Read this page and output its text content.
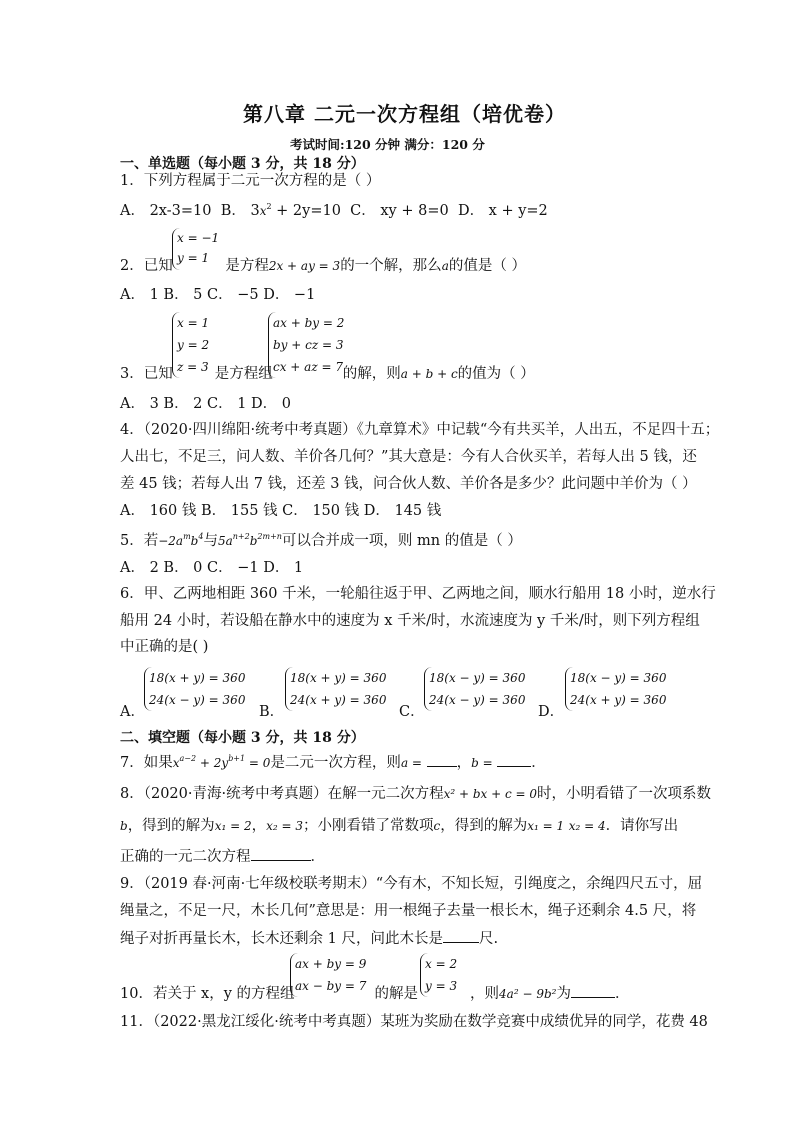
第八章 二元一次方程组（培优卷）
考试时间:120 分钟 满分：120 分
一、单选题（每小题 3 分，共 18 分）
1．下列方程属于二元一次方程的是（ ）
A． 2x-3=10 B． $3x^2 + 2y=10$ C． xy + 8=0 D． x + y=2
x = −1
y = 1
2．已知	是方程2x + ay = 3的一个解，那么a的值是（ ）
A． 1 B． 5 C． −5 D． −1
x = 1
y = 2
z = 3
ax + by = 2
by + cz = 3
cx + az = 7
3．已知	是方程组	的解，则a + b + c的值为（ ）
A． 3 B． 2 C． 1 D． 0
4．（2020·四川绵阳·统考中考真题）《九章算术》中记载“今有共买羊，人出五，不足四十五；
人出七，不足三，问人数、羊价各几何？”其大意是：今有人合伙买羊，若每人出 5 钱，还
差 45 钱；若每人出 7 钱，还差 3 钱，问合伙人数、羊价各是多少？此问题中羊价为（ ）
A． 160 钱 B． 155 钱 C． 150 钱 D． 145 钱
5．若$-2a^mb^4$与$5a^{n+2}b^{2m+n}$可以合并成一项，则 mn 的值是（ ）
A． 2 B． 0 C． −1 D． 1
6．甲、乙两地相距 360 千米，一轮船往返于甲、乙两地之间，顺水行船用 18 小时，逆水行
船用 24 小时，若设船在静水中的速度为 x 千米/时，水流速度为 y 千米/时，则下列方程组
中正确的是( )
A．
18(x + y) = 360
24(x − y) = 360
B．
18(x + y) = 360
24(x + y) = 360
C．
18(x − y) = 360
24(x − y) = 360
D．
18(x − y) = 360
24(x + y) = 360
二、填空题（每小题 3 分，共 18 分）
7．如果$x^{a-2} + 2y^{b+1} = 0$是二元一次方程，则a = ，b =	．
8．（2020·青海·统考中考真题）在解一元二次方程x² + bx + c = 0时，小明看错了一次项系数
b，得到的解为x₁ = 2，x₂ = 3；小刚看错了常数项c，得到的解为x₁ = 1 x₂ = 4．请你写出
正确的一元二次方程	．
9．（2019 春·河南·七年级校联考期末）“今有木，不知长短，引绳度之，余绳四尺五寸，屈
绳量之，不足一尺，木长几何”意思是：用一根绳子去量一根长木，绳子还剩余 4.5 尺，将
绳子对折再量长木，长木还剩余 1 尺，问此木长是 尺.
ax + by = 9
ax − by = 7
x = 2
y = 3
10．若关于 x，y 的方程组	的解是	，则4a² − 9b²为	．
11．（2022·黑龙江绥化·统考中考真题）某班为奖励在数学竞赛中成绩优异的同学，花费 48
